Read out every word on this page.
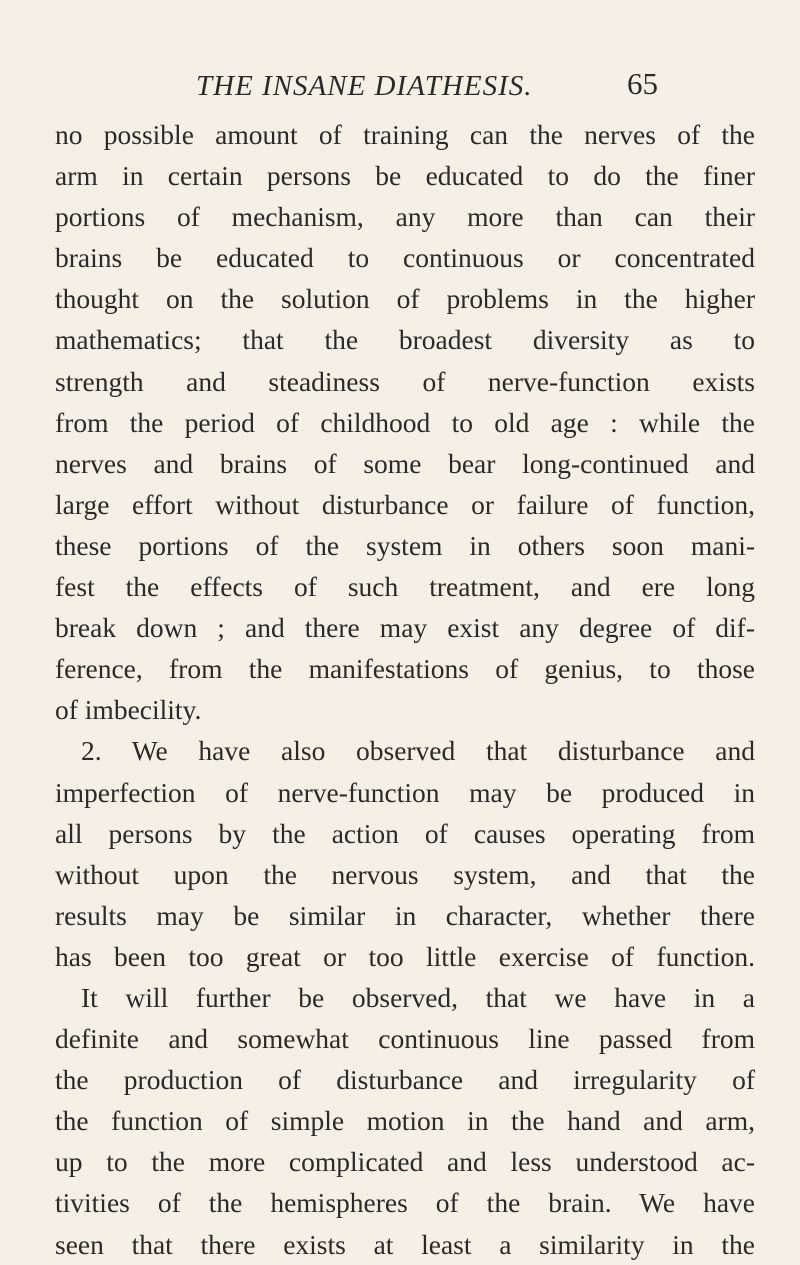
THE INSANE DIATHESIS.	65
no possible amount of training can the nerves of the
arm in certain persons be educated to do the finer
portions of mechanism, any more than can their
brains be educated to continuous or concentrated
thought on the solution of problems in the higher
mathematics; that the broadest diversity as to
strength and steadiness of nerve-function exists
from the period of childhood to old age : while the
nerves and brains of some bear long-continued and
large effort without disturbance or failure of function,
these portions of the system in others soon mani-
fest the effects of such treatment, and ere long
break down ; and there may exist any degree of dif-
ference, from the manifestations of genius, to those
of imbecility.
2. We have also observed that disturbance and
imperfection of nerve-function may be produced in
all persons by the action of causes operating from
without upon the nervous system, and that the
results may be similar in character, whether there
has been too great or too little exercise of function.
It will further be observed, that we have in a
definite and somewhat continuous line passed from
the production of disturbance and irregularity of
the function of simple motion in the hand and arm,
up to the more complicated and less understood ac-
tivities of the hemispheres of the brain. We have
seen that there exists at least a similarity in the
